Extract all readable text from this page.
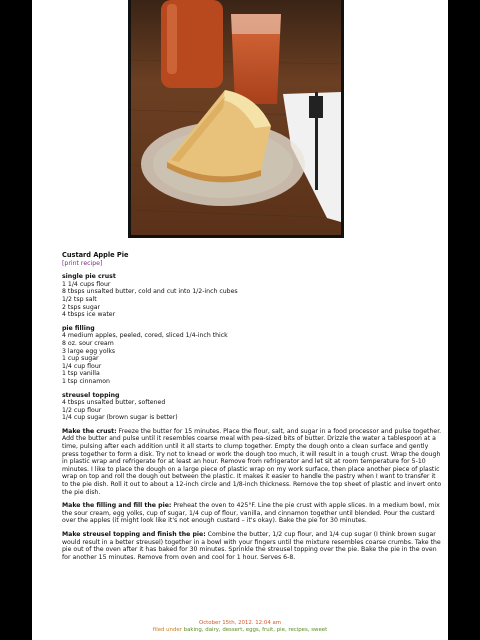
Custard Apple Pie
[print recipe]
single pie crust
1 1/4 cups flour
8 tbsps unsalted butter, cold and cut into 1/2-inch cubes
1/2 tsp salt
2 tsps sugar
4 tbsps ice water
pie filling
4 medium apples, peeled, cored, sliced 1/4-inch thick
8 oz. sour cream
3 large egg yolks
1 cup sugar
1/4 cup flour
1 tsp vanilla
1 tsp cinnamon
streusel topping
4 tbsps unsalted butter, softened
1/2 cup flour
1/4 cup sugar (brown sugar is better)
Make the crust: Freeze the butter for 15 minutes. Place the flour, salt, and sugar in a food processor and pulse together. Add the butter and pulse until it resembles coarse meal with pea-sized bits of butter. Drizzle the water a tablespoon at a time, pulsing after each addition until it all starts to clump together. Empty the dough onto a clean surface and gently press together to form a disk. Try not to knead or work the dough too much, it will result in a tough crust. Wrap the dough in plastic wrap and refrigerate for at least an hour. Remove from refrigerator and let sit at room temperature for 5-10 minutes. I like to place the dough on a large piece of plastic wrap on my work surface, then place another piece of plastic wrap on top and roll the dough out between the plastic. It makes it easier to handle the pastry when I want to transfer it to the pie dish. Roll it out to about a 12-inch circle and 1/8-inch thickness. Remove the top sheet of plastic and invert onto the pie dish.
Make the filling and fill the pie: Preheat the oven to 425°F. Line the pie crust with apple slices. In a medium bowl, mix the sour cream, egg yolks, cup of sugar, 1/4 cup of flour, vanilla, and cinnamon together until blended. Pour the custard over the apples (it might look like it's not enough custard – it's okay). Bake the pie for 30 minutes.
Make streusel topping and finish the pie: Combine the butter, 1/2 cup flour, and 1/4 cup sugar (I think brown sugar would result in a better streusel) together in a bowl with your fingers until the mixture resembles coarse crumbs. Take the pie out of the oven after it has baked for 30 minutes. Sprinkle the streusel topping over the pie. Bake the pie in the oven for another 15 minutes. Remove from oven and cool for 1 hour. Serves 6-8.
October 15th, 2012. 12:04 am
filed under baking, dairy, dessert, eggs, fruit, pie, recipes, sweet
